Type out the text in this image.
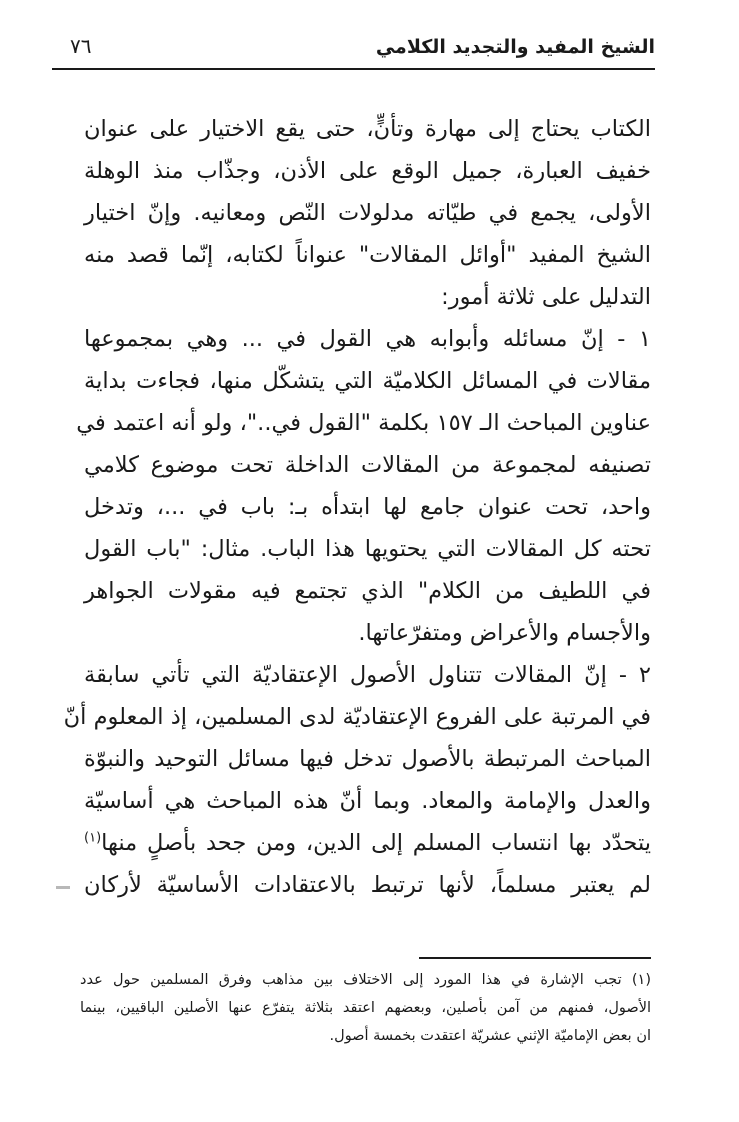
الشيخ المفيد والتجديد الكلامي
٧٦
الكتاب يحتاج إلى مهارة وتأنٍّ، حتى يقع الاختيار على عنوان
خفيف العبارة، جميل الوقع على الأذن، وجذّاب منذ الوهلة
الأولى، يجمع في طيّاته مدلولات النّص ومعانيه. وإنّ اختيار
الشيخ المفيد "أوائل المقالات" عنواناً لكتابه، إنّما قصد منه
التدليل على ثلاثة أمور:
١ - إنّ مسائله وأبوابه هي القول في ... وهي بمجموعها
مقالات في المسائل الكلاميّة التي يتشكّل منها، فجاءت بداية
عناوين المباحث الـ ١٥٧ بكلمة "القول في.."، ولو أنه اعتمد في
تصنيفه لمجموعة من المقالات الداخلة تحت موضوع كلامي
واحد، تحت عنوان جامع لها ابتدأه بـ: باب في ...، وتدخل
تحته كل المقالات التي يحتويها هذا الباب. مثال: "باب القول
في اللطيف من الكلام" الذي تجتمع فيه مقولات الجواهر
والأجسام والأعراض ومتفرّعاتها.
٢ - إنّ المقالات تتناول الأصول الإعتقاديّة التي تأتي سابقة
في المرتبة على الفروع الإعتقاديّة لدى المسلمين، إذ المعلوم أنّ
المباحث المرتبطة بالأصول تدخل فيها مسائل التوحيد والنبوّة
والعدل والإمامة والمعاد. وبما أنّ هذه المباحث هي أساسيّة
يتحدّد بها انتساب المسلم إلى الدين، ومن جحد بأصلٍ منها$^{(١)}$
لم يعتبر مسلماً، لأنها ترتبط بالاعتقادات الأساسيّة لأركان
(١) تجب الإشارة في هذا المورد إلى الاختلاف بين مذاهب وفرق المسلمين حول عدد
الأصول، فمنهم من آمن بأصلين، وبعضهم اعتقد بثلاثة يتفرّع عنها الأصلين الباقيين، بينما
ان بعض الإماميّة الإثني عشريّة اعتقدت بخمسة أصول.
